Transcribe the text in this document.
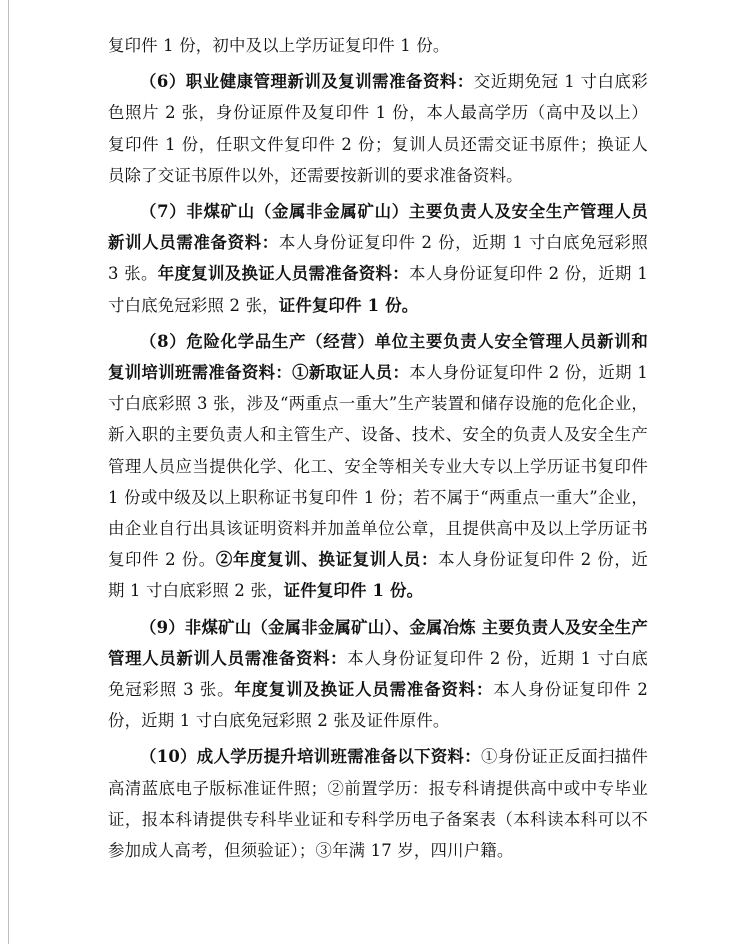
复印件 1 份，初中及以上学历证复印件 1 份。

（6）职业健康管理新训及复训需准备资料：交近期免冠 1 寸白底彩色照片 2 张，身份证原件及复印件 1 份，本人最高学历（高中及以上）复印件 1 份，任职文件复印件 2 份；复训人员还需交证书原件；换证人员除了交证书原件以外，还需要按新训的要求准备资料。

（7）非煤矿山（金属非金属矿山）主要负责人及安全生产管理人员新训人员需准备资料：本人身份证复印件 2 份，近期 1 寸白底免冠彩照 3 张。年度复训及换证人员需准备资料：本人身份证复印件 2 份，近期 1 寸白底免冠彩照 2 张，证件复印件 1 份。

（8）危险化学品生产（经营）单位主要负责人安全管理人员新训和复训培训班需准备资料：①新取证人员：本人身份证复印件 2 份，近期 1 寸白底彩照 3 张，涉及“两重点一重大”生产装置和储存设施的危化企业，新入职的主要负责人和主管生产、设备、技术、安全的负责人及安全生产管理人员应当提供化学、化工、安全等相关专业大专以上学历证书复印件 1 份或中级及以上职称证书复印件 1 份；若不属于“两重点一重大”企业，由企业自行出具该证明资料并加盖单位公章，且提供高中及以上学历证书复印件 2 份。②年度复训、换证复训人员：本人身份证复印件 2 份，近期 1 寸白底彩照 2 张，证件复印件 1 份。

（9）非煤矿山（金属非金属矿山）、金属冶炼 主要负责人及安全生产管理人员新训人员需准备资料：本人身份证复印件 2 份，近期 1 寸白底免冠彩照 3 张。年度复训及换证人员需准备资料：本人身份证复印件 2 份，近期 1 寸白底免冠彩照 2 张及证件原件。

（10）成人学历提升培训班需准备以下资料：①身份证正反面扫描件高清蓝底电子版标准证件照；②前置学历：报专科请提供高中或中专毕业证，报本科请提供专科毕业证和专科学历电子备案表（本科读本科可以不参加成人高考，但须验证）；③年满 17 岁，四川户籍。
